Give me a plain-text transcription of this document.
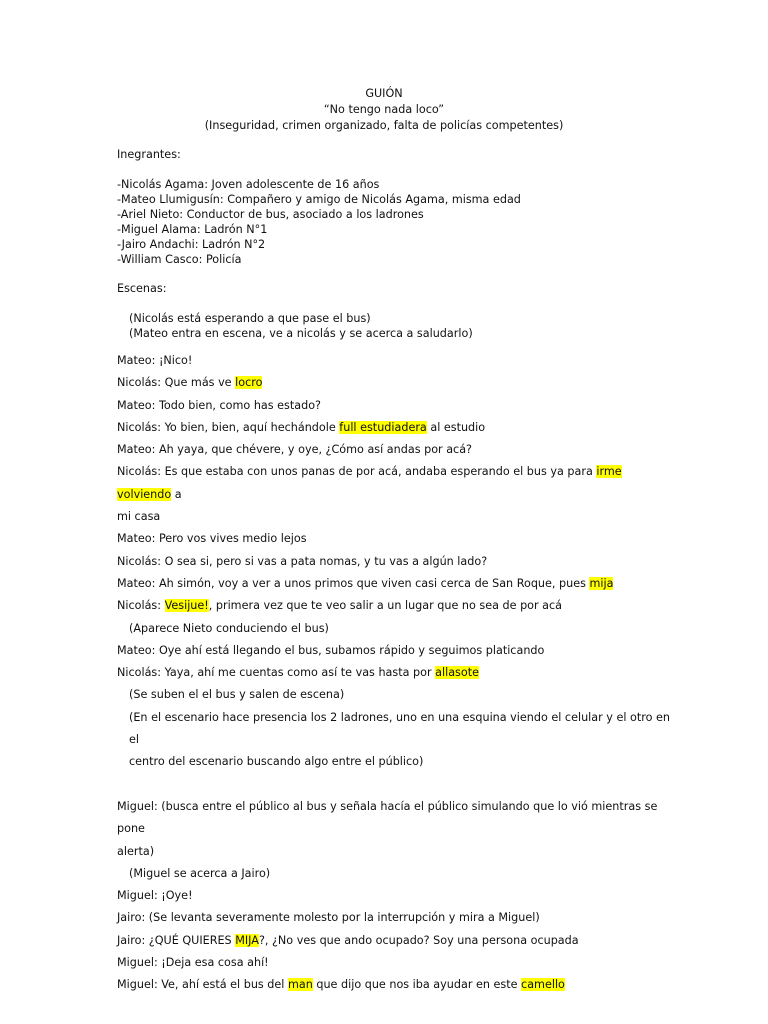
GUIÓN
“No tengo nada loco”
(Inseguridad, crimen organizado, falta de policías competentes)
Inegrantes:
-Nicolás Agama: Joven adolescente de 16 años
-Mateo Llumigusín: Compañero y amigo de Nicolás Agama, misma edad
-Ariel Nieto: Conductor de bus, asociado a los ladrones
-Miguel Alama: Ladrón N°1
-Jairo Andachi: Ladrón N°2
-William Casco: Policía
Escenas:
(Nicolás está esperando a que pase el bus)
(Mateo entra en escena, ve a nicolás y se acerca a saludarlo)
Mateo: ¡Nico!
Nicolás: Que más ve locro
Mateo: Todo bien, como has estado?
Nicolás: Yo bien, bien, aquí hechándole full estudiadera al estudio
Mateo: Ah yaya, que chévere, y oye, ¿Cómo así andas por acá?
Nicolás: Es que estaba con unos panas de por acá, andaba esperando el bus ya para irme volviendo a
mi casa
Mateo: Pero vos vives medio lejos
Nicolás: O sea si, pero si vas a pata nomas, y tu vas a algún lado?
Mateo: Ah simón, voy a ver a unos primos que viven casi cerca de San Roque, pues mija
Nicolás: Vesijue!, primera vez que te veo salir a un lugar que no sea de por acá
(Aparece Nieto conduciendo el bus)
Mateo: Oye ahí está llegando el bus, subamos rápido y seguimos platicando
Nicolás: Yaya, ahí me cuentas como así te vas hasta por allasote
(Se suben el el bus y salen de escena)
(En el escenario hace presencia los 2 ladrones, uno en una esquina viendo el celular y el otro en el
centro del escenario buscando algo entre el público)
Miguel: (busca entre el público al bus y señala hacía el público simulando que lo vió mientras se pone
alerta)
(Miguel se acerca a Jairo)
Miguel: ¡Oye!
Jairo: (Se levanta severamente molesto por la interrupción y mira a Miguel)
Jairo: ¿QUÉ QUIERES MIJA?, ¿No ves que ando ocupado? Soy una persona ocupada
Miguel: ¡Deja esa cosa ahí!
Miguel: Ve, ahí está el bus del man que dijo que nos iba ayudar en este camello
